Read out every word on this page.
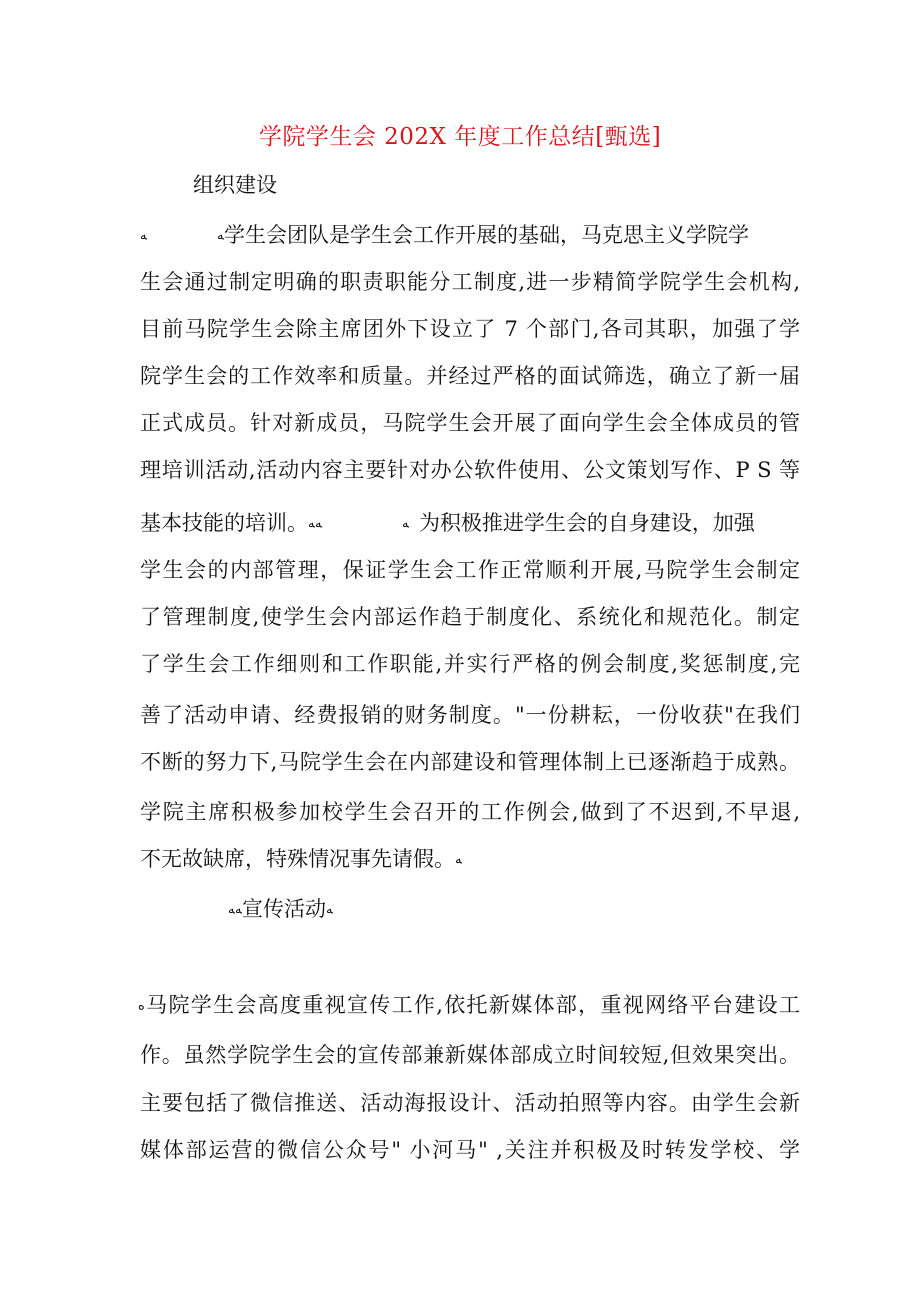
学院学生会 202X 年度工作总结[甄选]
组织建设
ﻪﻪ	学生会团队是学生会工作开展的基础，马克思主义学院学
生会通过制定明确的职责职能分工制度,进一步精简学院学生会机构,
目前马院学生会除主席团外下设立了 7 个部门,各司其职，加强了学
院学生会的工作效率和质量。并经过严格的面试筛选，确立了新一届
正式成员。针对新成员，马院学生会开展了面向学生会全体成员的管
理培训活动,活动内容主要针对办公软件使用、公文策划写作、P S 等
基本技能的培训。	ﻪﻪﻪ	为积极推进学生会的自身建设，加强
学生会的内部管理，保证学生会工作正常顺利开展,马院学生会制定
了管理制度,使学生会内部运作趋于制度化、系统化和规范化。制定
了学生会工作细则和工作职能,并实行严格的例会制度,奖惩制度,完
善了活动申请、经费报销的财务制度。"一份耕耘，一份收获"在我们
不断的努力下,马院学生会在内部建设和管理体制上已逐渐趋于成熟。
学院主席积极参加校学生会召开的工作例会,做到了不迟到,不早退,
不无故缺席，特殊情况事先请假。ﻪ
ﻪﻪ宣传活动ﻪ
ﻩ马院学生会高度重视宣传工作,依托新媒体部，重视网络平台建设工
作。虽然学院学生会的宣传部兼新媒体部成立时间较短,但效果突出。
主要包括了微信推送、活动海报设计、活动拍照等内容。由学生会新
媒体部运营的微信公众号" 小河马" ,关注并积极及时转发学校、学
